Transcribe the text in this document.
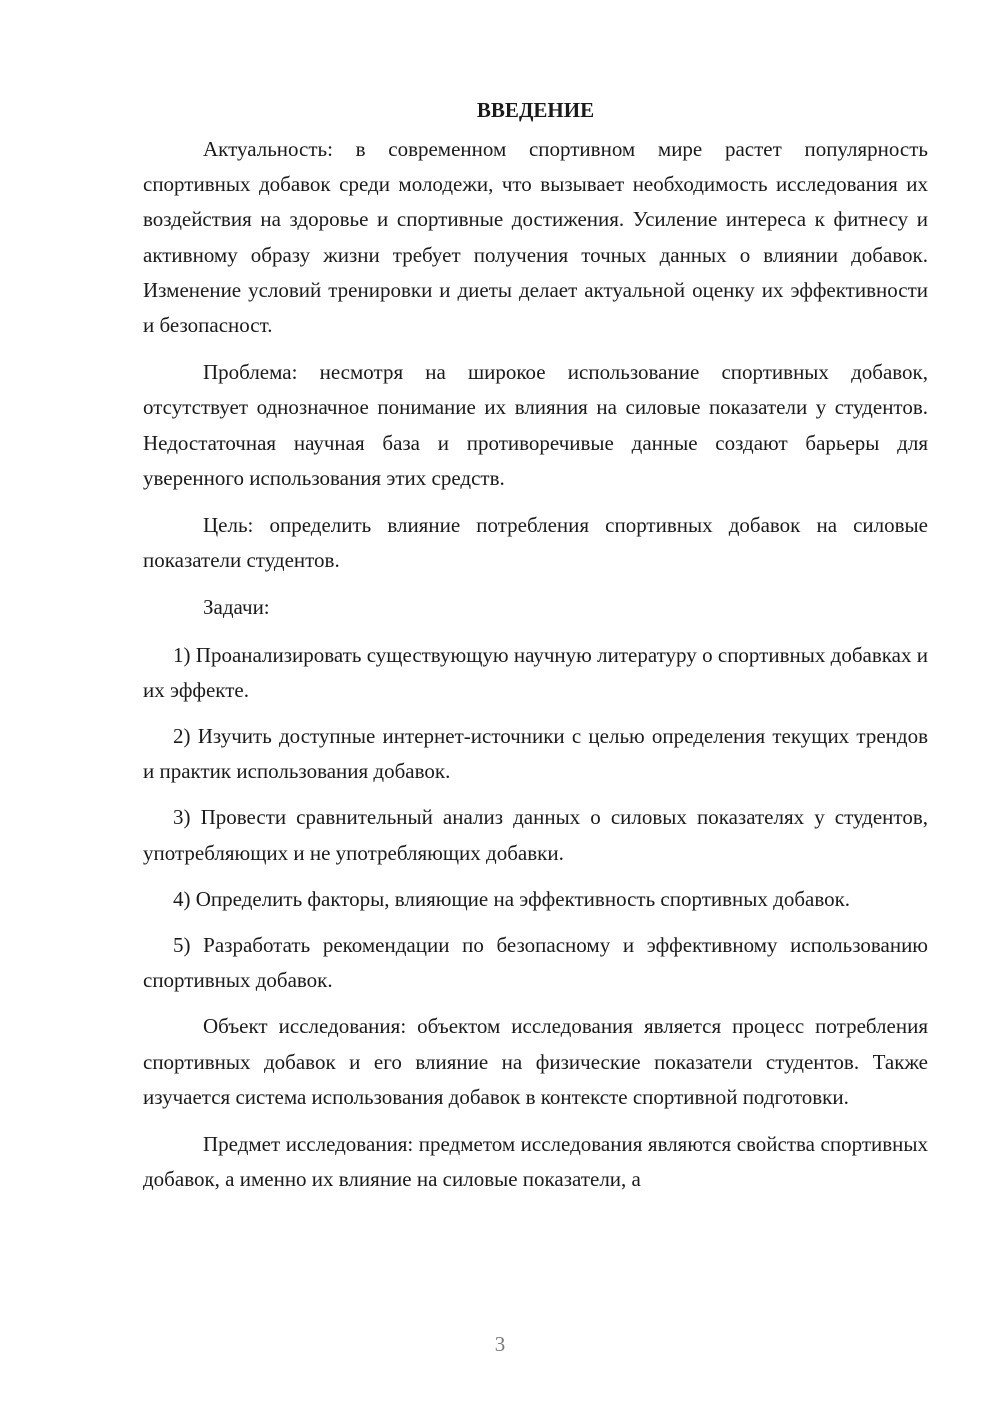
ВВЕДЕНИЕ

Актуальность: в современном спортивном мире растет популярность спортивных добавок среди молодежи, что вызывает необходимость исследования их воздействия на здоровье и спортивные достижения. Усиление интереса к фитнесу и активному образу жизни требует получения точных данных о влиянии добавок. Изменение условий тренировки и диеты делает актуальной оценку их эффективности и безопасност.

Проблема: несмотря на широкое использование спортивных добавок, отсутствует однозначное понимание их влияния на силовые показатели у студентов. Недостаточная научная база и противоречивые данные создают барьеры для уверенного использования этих средств.

Цель: определить влияние потребления спортивных добавок на силовые показатели студентов.

Задачи:

1) Проанализировать существующую научную литературу о спортивных добавках и их эффекте.

2) Изучить доступные интернет-источники с целью определения текущих трендов и практик использования добавок.

3) Провести сравнительный анализ данных о силовых показателях у студентов, употребляющих и не употребляющих добавки.

4) Определить факторы, влияющие на эффективность спортивных добавок.

5) Разработать рекомендации по безопасному и эффективному использованию спортивных добавок.

Объект исследования: объектом исследования является процесс потребления спортивных добавок и его влияние на физические показатели студентов. Также изучается система использования добавок в контексте спортивной подготовки.

Предмет исследования: предметом исследования являются свойства спортивных добавок, а именно их влияние на силовые показатели, а

3
